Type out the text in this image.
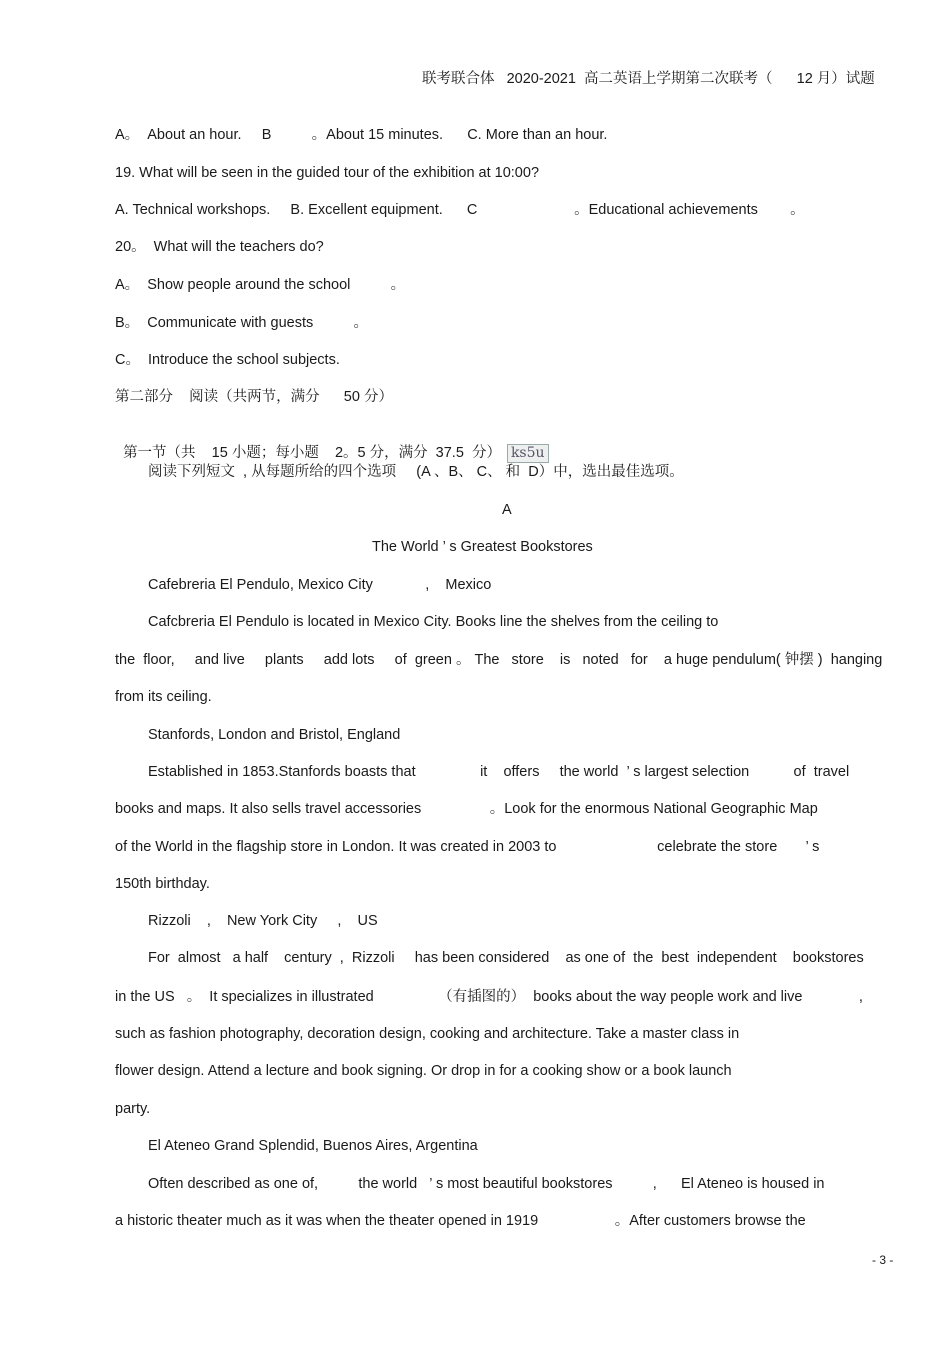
联考联合体   2020-2021  高二英语上学期第二次联考（      12 月）试题
A。  About an hour.     B          。About 15 minutes.      C. More than an hour.
19. What will be seen in the guided tour of the exhibition at 10:00?
A. Technical workshops.     B. Excellent equipment.      C                        。Educational achievements        。
20。  What will the teachers do?
A。  Show people around the school          。
B。  Communicate with guests          。
C。  Introduce the school subjects.
第二部分    阅读（共两节，满分      50 分）

第一节（共    15 小题；每小题    2。5 分，满分  37.5  分） ks5u

阅读下列短文  , 从每题所给的四个选项     (A 、B、 C、 和  D）中，选出最佳选项。
A
The World ’ s Greatest Bookstores
Cafebreria El Pendulo, Mexico City             ,    Mexico
Cafcbreria El Pendulo is located in Mexico City. Books line the shelves from the ceiling to
the  floor,     and live     plants     add lots     of  green 。 The   store    is   noted   for    a huge pendulum( 钟摆 )  hanging
from its ceiling.
Stanfords, London and Bristol, England
Established in 1853.Stanfords boasts that                it    offers     the world  ’ s largest selection           of  travel
books and maps. It also sells travel accessories                 。Look for the enormous National Geographic Map
of the World in the flagship store in London. It was created in 2003 to                         celebrate the store       ’ s
150th birthday.
Rizzoli    ,    New York City     ,    US
For  almost   a half    century  ,  Rizzoli     has been considered    as one of  the  best  independent    bookstores
in the US   。  It specializes in illustrated                （有插图的）  books about the way people work and live              ,
such as fashion photography, decoration design, cooking and architecture. Take a master class in
flower design. Attend a lecture and book signing. Or drop in for a cooking show or a book launch
party.
El Ateneo Grand Splendid, Buenos Aires, Argentina
Often described as one of,          the world   ’ s most beautiful bookstores          ,      El Ateneo is housed in
a historic theater much as it was when the theater opened in 1919                   。After customers browse the
- 3 -
